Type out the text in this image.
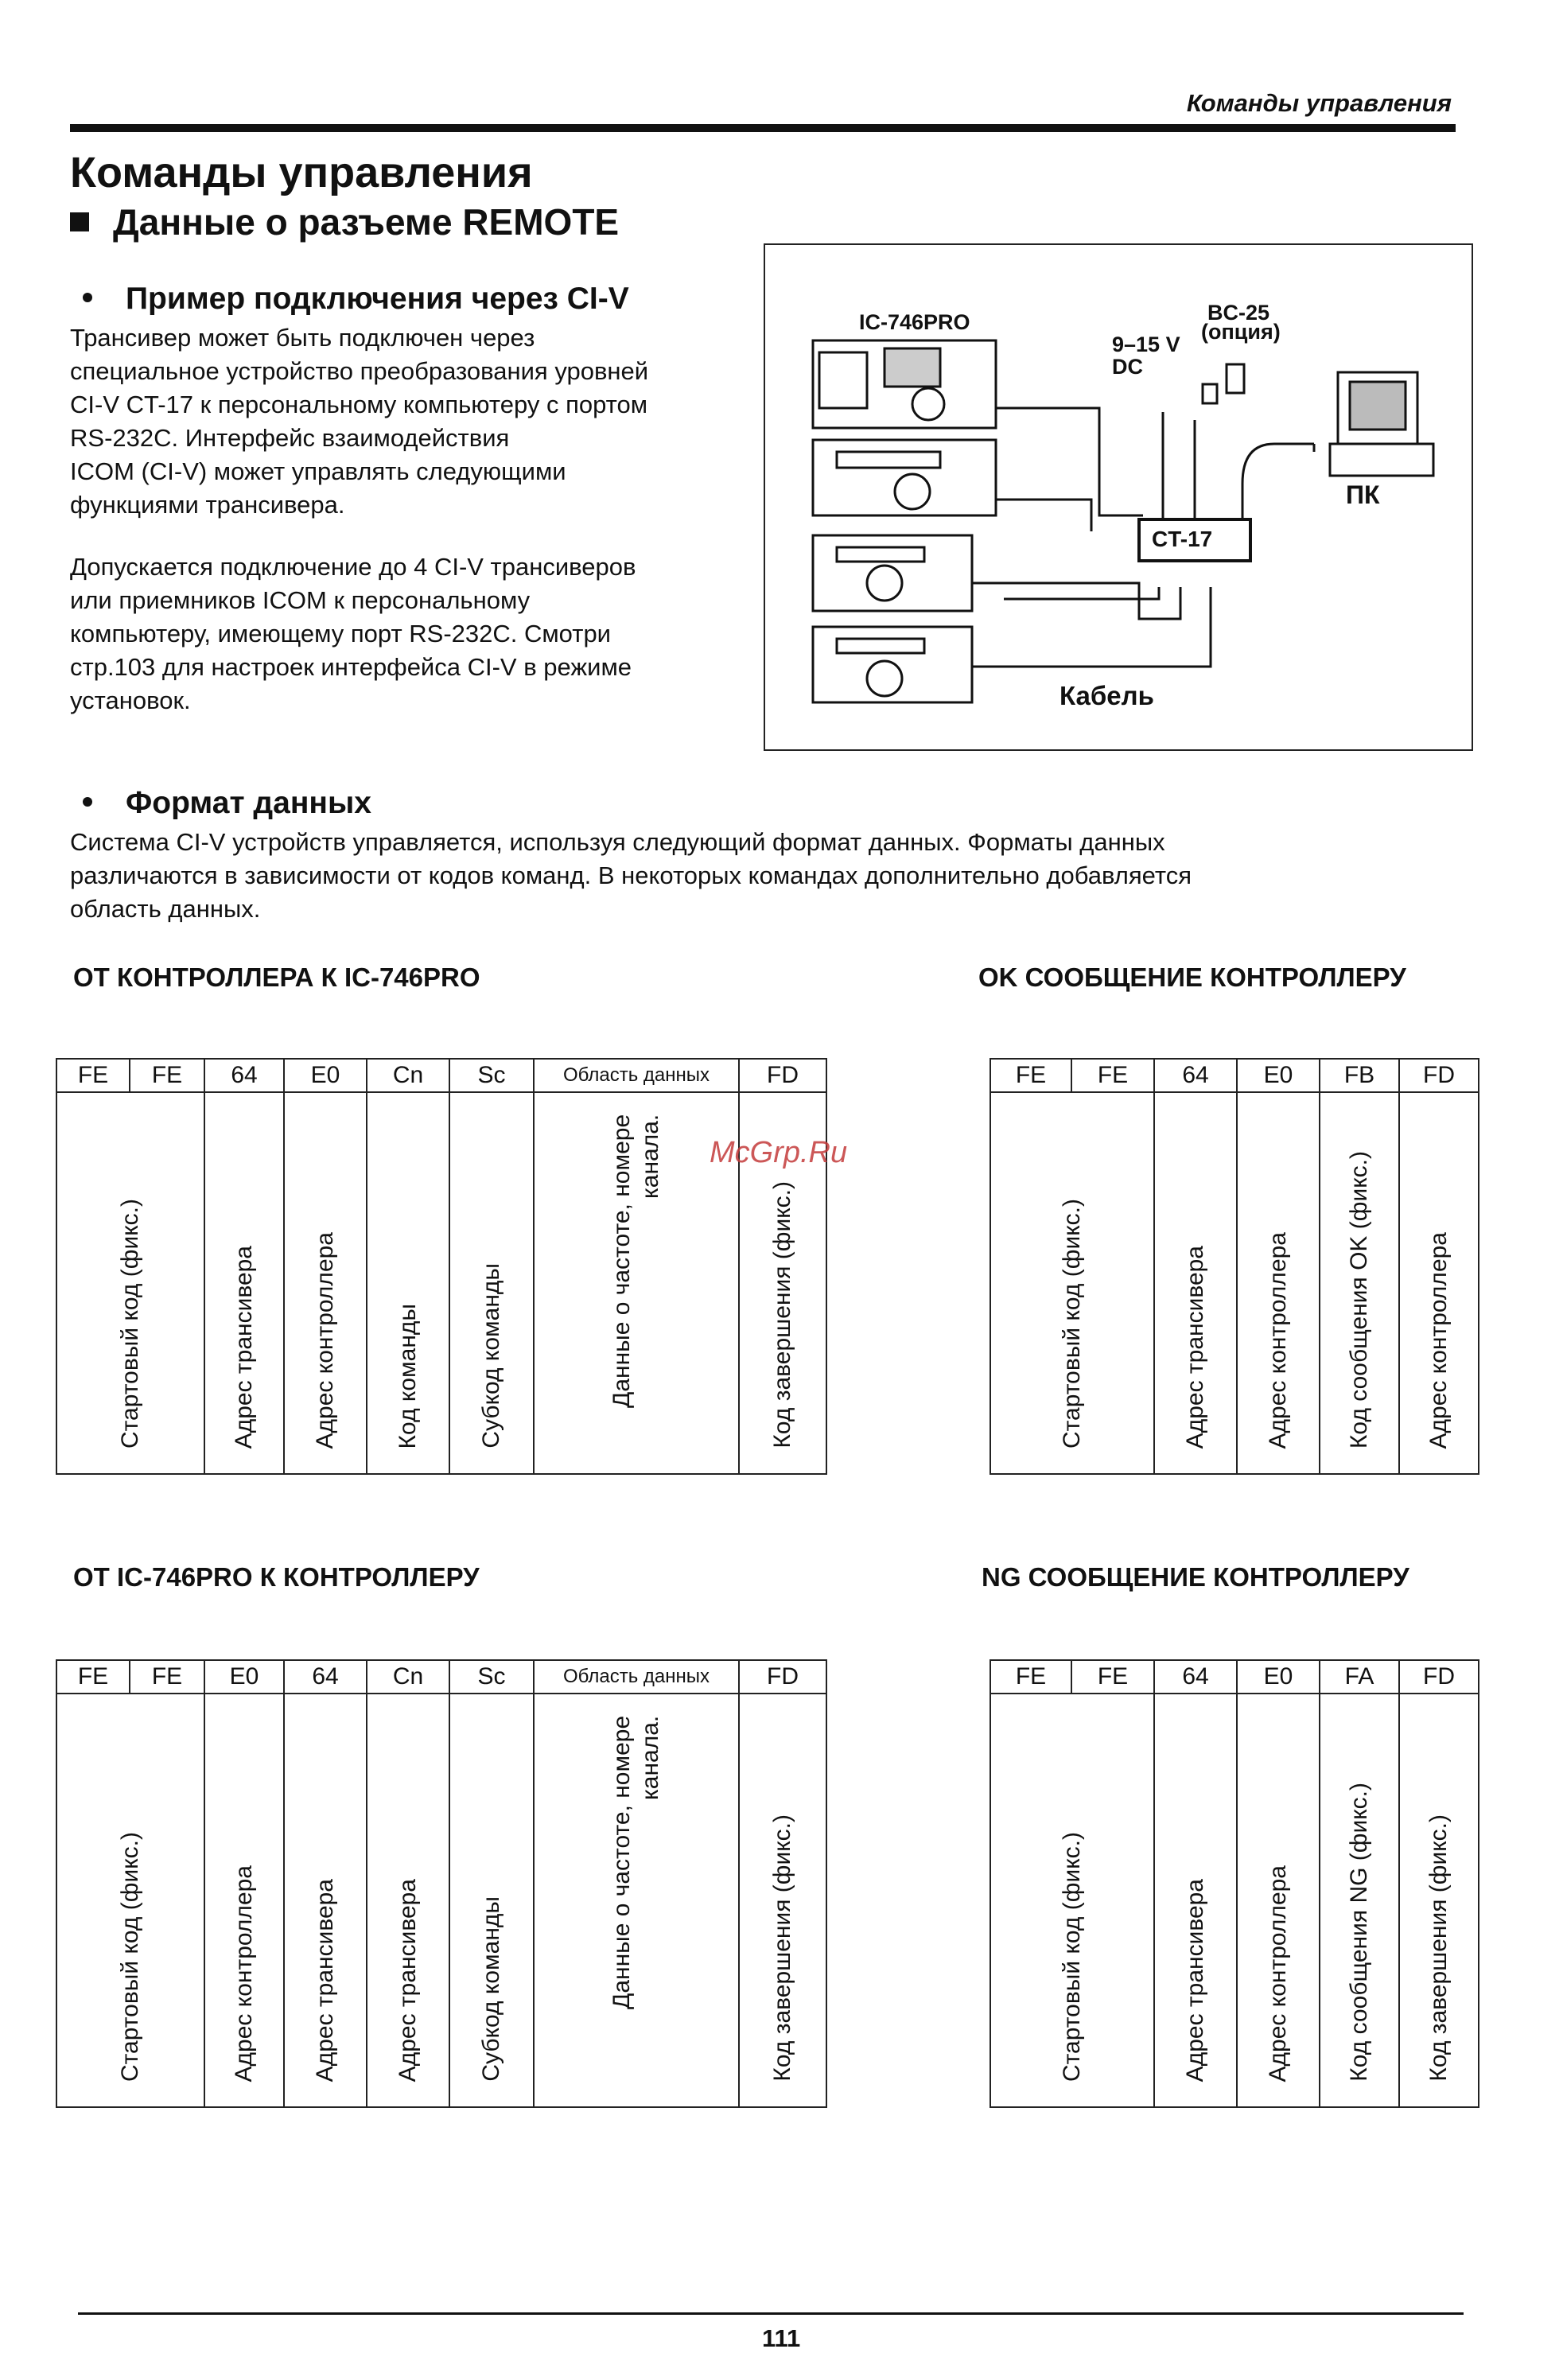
Команды управления
Команды управления
Данные о разъеме REMOTE
Пример подключения через CI-V
Трансивер может быть подключен через
специальное устройство преобразования уровней
CI-V CT-17 к персональному компьютеру с портом
RS-232C. Интерфейс взаимодействия
ICOM (CI-V) может управлять следующими
функциями трансивера.
Допускается подключение до 4 CI-V трансиверов
или приемников ICOM к персональному
компьютеру, имеющему порт RS-232C. Смотри
стр.103 для настроек интерфейса CI-V в режиме
установок.
IC-746PRO	BC-25
(опция)
9–15 V
DC
ПК
CT-17
Кабель
Формат данных
Система CI-V устройств управляется, используя следующий формат данных. Форматы данных
различаются в зависимости от кодов команд. В некоторых командах дополнительно добавляется
область данных.
ОТ КОНТРОЛЛЕРА К IC-746PRO	OK СООБЩЕНИЕ КОНТРОЛЛЕРУ
ОТ IC-746PRO К КОНТРОЛЛЕРУ	NG СООБЩЕНИЕ КОНТРОЛЛЕРУ
FE	FE	64	E0	Cn	Sc	Область данных	FD
Стартовый код (фикс.)		Адрес трансивера	Адрес контроллера	Код команды	Субкод команды	Данные о частоте, номере канала.	Код завершения (фикс.)
FE	FE	64	E0	FB	FD
Стартовый код (фикс.)		Адрес трансивера	Адрес контроллера	Код сообщения OK (фикс.)	Адрес контроллера
FE	FE	E0	64	Cn	Sc	Область данных	FD
Стартовый код (фикс.)		Адрес контроллера	Адрес трансивера	Адрес трансивера	Субкод команды	Данные о частоте, номере канала.	Код завершения (фикс.)
FE	FE	64	E0	FA	FD
Стартовый код (фикс.)		Адрес трансивера	Адрес контроллера	Код сообщения NG (фикс.)	Код завершения (фикс.)
McGrp.Ru
111
